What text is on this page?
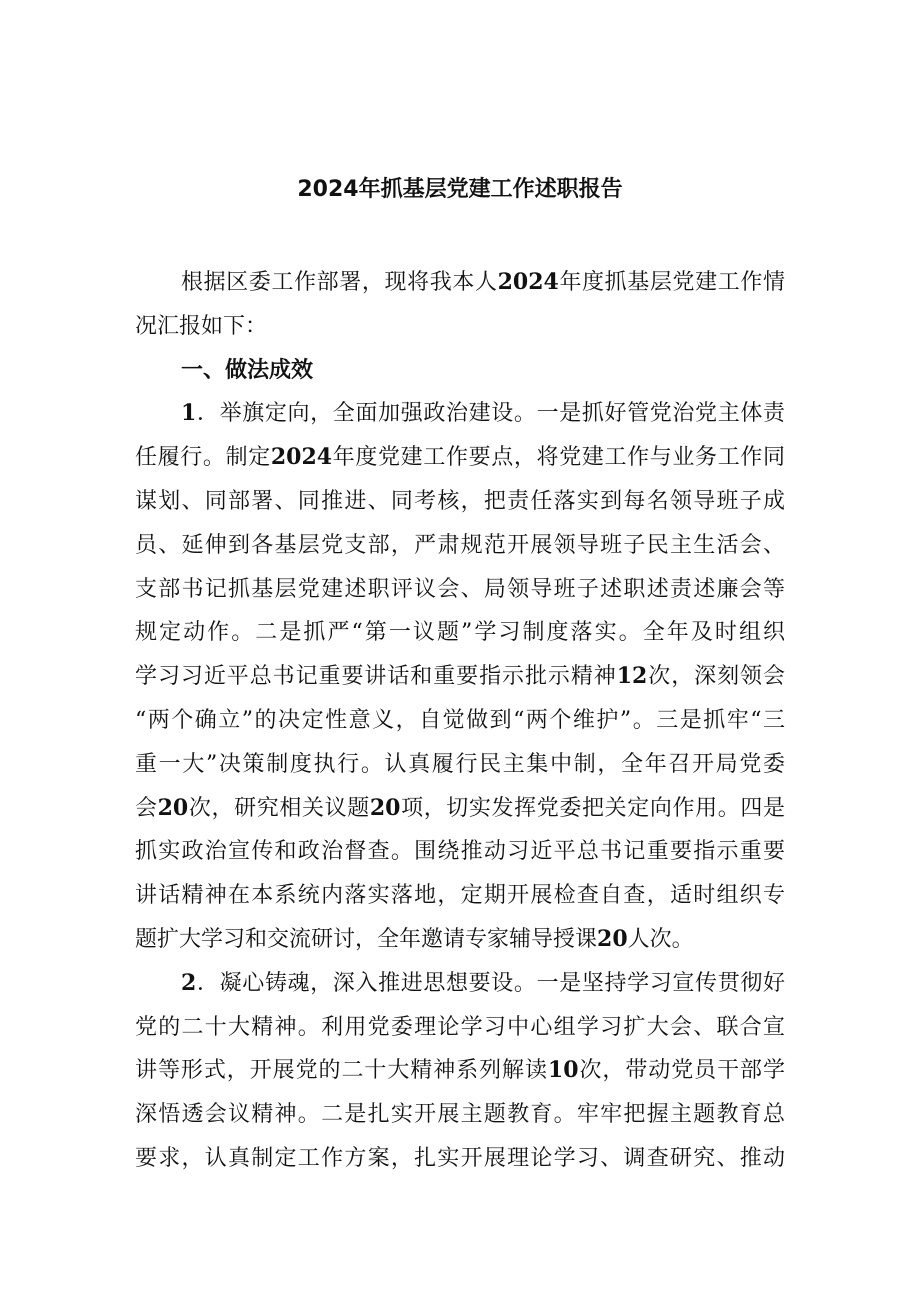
2024年抓基层党建工作述职报告
根据区委工作部署，现将我本人2024年度抓基层党建工作情
况汇报如下：
一、做法成效
1．举旗定向，全面加强政治建设。一是抓好管党治党主体责
任履行。制定2024年度党建工作要点，将党建工作与业务工作同
谋划、同部署、同推进、同考核，把责任落实到每名领导班子成
员、延伸到各基层党支部，严肃规范开展领导班子民主生活会、
支部书记抓基层党建述职评议会、局领导班子述职述责述廉会等
规定动作。二是抓严“第一议题”学习制度落实。全年及时组织
学习习近平总书记重要讲话和重要指示批示精神12次，深刻领会
“两个确立”的决定性意义，自觉做到“两个维护”。三是抓牢“三
重一大”决策制度执行。认真履行民主集中制，全年召开局党委
会20次，研究相关议题20项，切实发挥党委把关定向作用。四是
抓实政治宣传和政治督查。围绕推动习近平总书记重要指示重要
讲话精神在本系统内落实落地，定期开展检查自查，适时组织专
题扩大学习和交流研讨，全年邀请专家辅导授课20人次。
2．凝心铸魂，深入推进思想要设。一是坚持学习宣传贯彻好
党的二十大精神。利用党委理论学习中心组学习扩大会、联合宣
讲等形式，开展党的二十大精神系列解读10次，带动党员干部学
深悟透会议精神。二是扎实开展主题教育。牢牢把握主题教育总
要求，认真制定工作方案，扎实开展理论学习、调查研究、推动
